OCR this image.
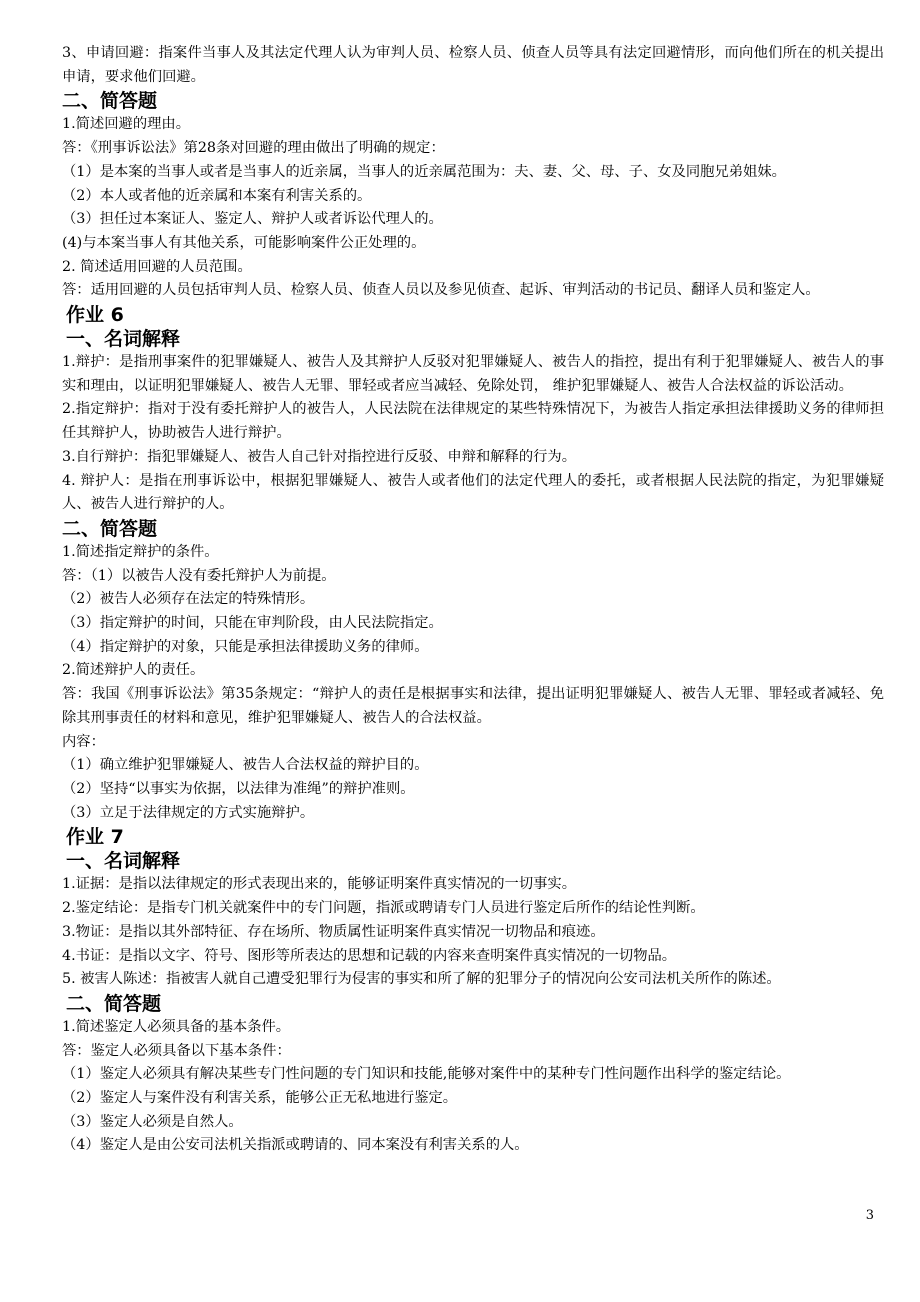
3、申请回避：指案件当事人及其法定代理人认为审判人员、检察人员、侦查人员等具有法定回避情形，而向他们所在的机关提出申请，要求他们回避。
二、简答题
1.简述回避的理由。
答：《刑事诉讼法》第28条对回避的理由做出了明确的规定：
（1）是本案的当事人或者是当事人的近亲属，当事人的近亲属范围为：夫、妻、父、母、子、女及同胞兄弟姐妹。
（2）本人或者他的近亲属和本案有利害关系的。
（3）担任过本案证人、鉴定人、辩护人或者诉讼代理人的。
(4)与本案当事人有其他关系，可能影响案件公正处理的。
2. 简述适用回避的人员范围。
答：适用回避的人员包括审判人员、检察人员、侦查人员以及参见侦查、起诉、审判活动的书记员、翻译人员和鉴定人。
作业 6
一、名词解释
1.辩护：是指刑事案件的犯罪嫌疑人、被告人及其辩护人反驳对犯罪嫌疑人、被告人的指控，提出有利于犯罪嫌疑人、被告人的事实和理由，以证明犯罪嫌疑人、被告人无罪、罪轻或者应当减轻、免除处罚， 维护犯罪嫌疑人、被告人合法权益的诉讼活动。
2.指定辩护：指对于没有委托辩护人的被告人，人民法院在法律规定的某些特殊情况下，为被告人指定承担法律援助义务的律师担任其辩护人，协助被告人进行辩护。
3.自行辩护：指犯罪嫌疑人、被告人自己针对指控进行反驳、申辩和解释的行为。
4. 辩护人：是指在刑事诉讼中，根据犯罪嫌疑人、被告人或者他们的法定代理人的委托，或者根据人民法院的指定，为犯罪嫌疑人、被告人进行辩护的人。
二、简答题
1.简述指定辩护的条件。
答：（1）以被告人没有委托辩护人为前提。
（2）被告人必须存在法定的特殊情形。
（3）指定辩护的时间，只能在审判阶段，由人民法院指定。
（4）指定辩护的对象，只能是承担法律援助义务的律师。
2.简述辩护人的责任。
答：我国《刑事诉讼法》第35条规定：“辩护人的责任是根据事实和法律，提出证明犯罪嫌疑人、被告人无罪、罪轻或者减轻、免除其刑事责任的材料和意见，维护犯罪嫌疑人、被告人的合法权益。
内容：
（1）确立维护犯罪嫌疑人、被告人合法权益的辩护目的。
（2）坚持“以事实为依据，以法律为准绳”的辩护准则。
（3）立足于法律规定的方式实施辩护。
作业 7
一、名词解释
1.证据：是指以法律规定的形式表现出来的，能够证明案件真实情况的一切事实。
2.鉴定结论：是指专门机关就案件中的专门问题，指派或聘请专门人员进行鉴定后所作的结论性判断。
3.物证：是指以其外部特征、存在场所、物质属性证明案件真实情况一切物品和痕迹。
4.书证：是指以文字、符号、图形等所表达的思想和记载的内容来查明案件真实情况的一切物品。
5. 被害人陈述：指被害人就自己遭受犯罪行为侵害的事实和所了解的犯罪分子的情况向公安司法机关所作的陈述。
二、简答题
1.简述鉴定人必须具备的基本条件。
答：鉴定人必须具备以下基本条件：
（1）鉴定人必须具有解决某些专门性问题的专门知识和技能,能够对案件中的某种专门性问题作出科学的鉴定结论。
（2）鉴定人与案件没有利害关系，能够公正无私地进行鉴定。
（3）鉴定人必须是自然人。
（4）鉴定人是由公安司法机关指派或聘请的、同本案没有利害关系的人。
3
